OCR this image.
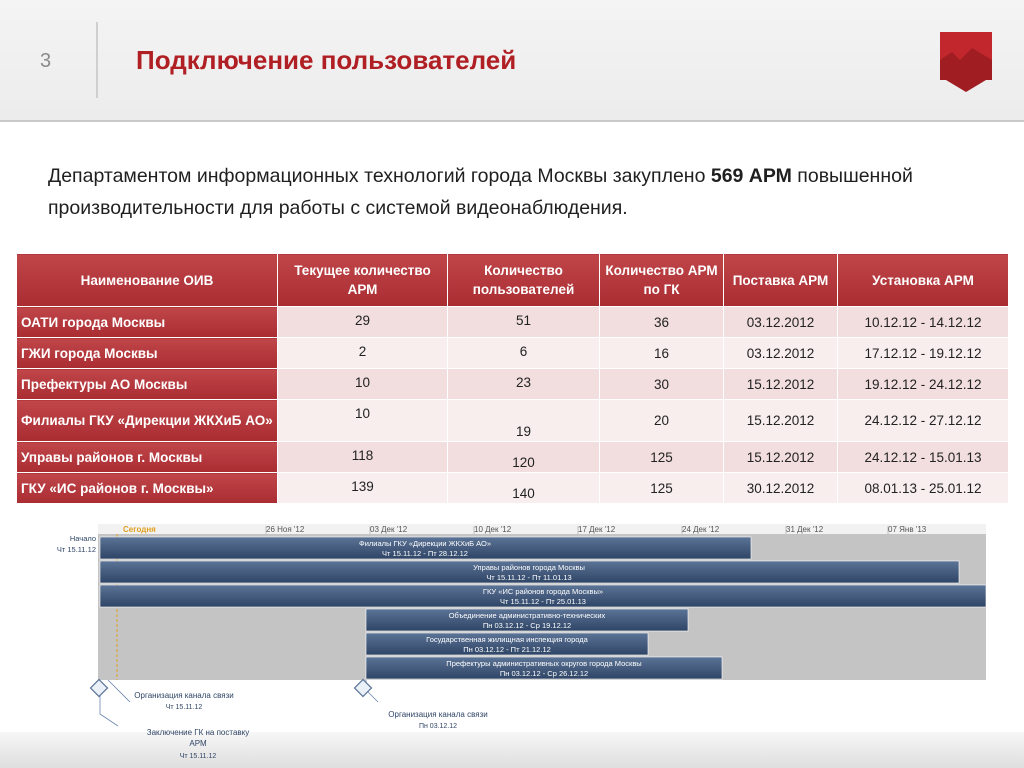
3	Подключение пользователей
Департаментом информационных технологий города Москвы закуплено 569 АРМ повышенной производительности для работы с системой видеонаблюдения.
Наименование ОИВ	Текущее количество АРМ	Количество пользователей	Количество АРМ по ГК	Поставка АРМ	Установка АРМ
ОАТИ города Москвы	29	51	36	03.12.2012	10.12.12 - 14.12.12
ГЖИ города Москвы	2	6	16	03.12.2012	17.12.12 - 19.12.12
Префектуры АО Москвы	10	23	30	15.12.2012	19.12.12 - 24.12.12
Филиалы ГКУ «Дирекции ЖКХиБ АО»	10	19	20	15.12.2012	24.12.12 - 27.12.12
Управы районов г. Москвы	118	120	125	15.12.2012	24.12.12 - 15.01.13
ГКУ «ИС районов г. Москвы»	139	140	125	30.12.2012	08.01.13 - 25.01.12
Сегодня	26 Ноя '12	03 Дек '12	10 Дек '12	17 Дек '12	24 Дек '12	31 Дек '12	07 Янв '13
Начало
Чт 15.11.12
Филиалы ГКУ «Дирекции ЖКХиБ АО»
Чт 15.11.12 - Пт 28.12.12
Управы районов города Москвы
Чт 15.11.12 - Пт 11.01.13
ГКУ «ИС районов города Москвы»
Чт 15.11.12 - Пт 25.01.13
Объединение административно-технических
Пн 03.12.12 - Ср 19.12.12
Государственная жилищная инспекция города
Пн 03.12.12 - Пт 21.12.12
Префектуры административных округов города Москвы
Пн 03.12.12 - Ср 26.12.12
Организация канала связи
Чт 15.11.12
Организация канала связи
Пн 03.12.12
Заключение ГК на поставку
АРМ
Чт 15.11.12
